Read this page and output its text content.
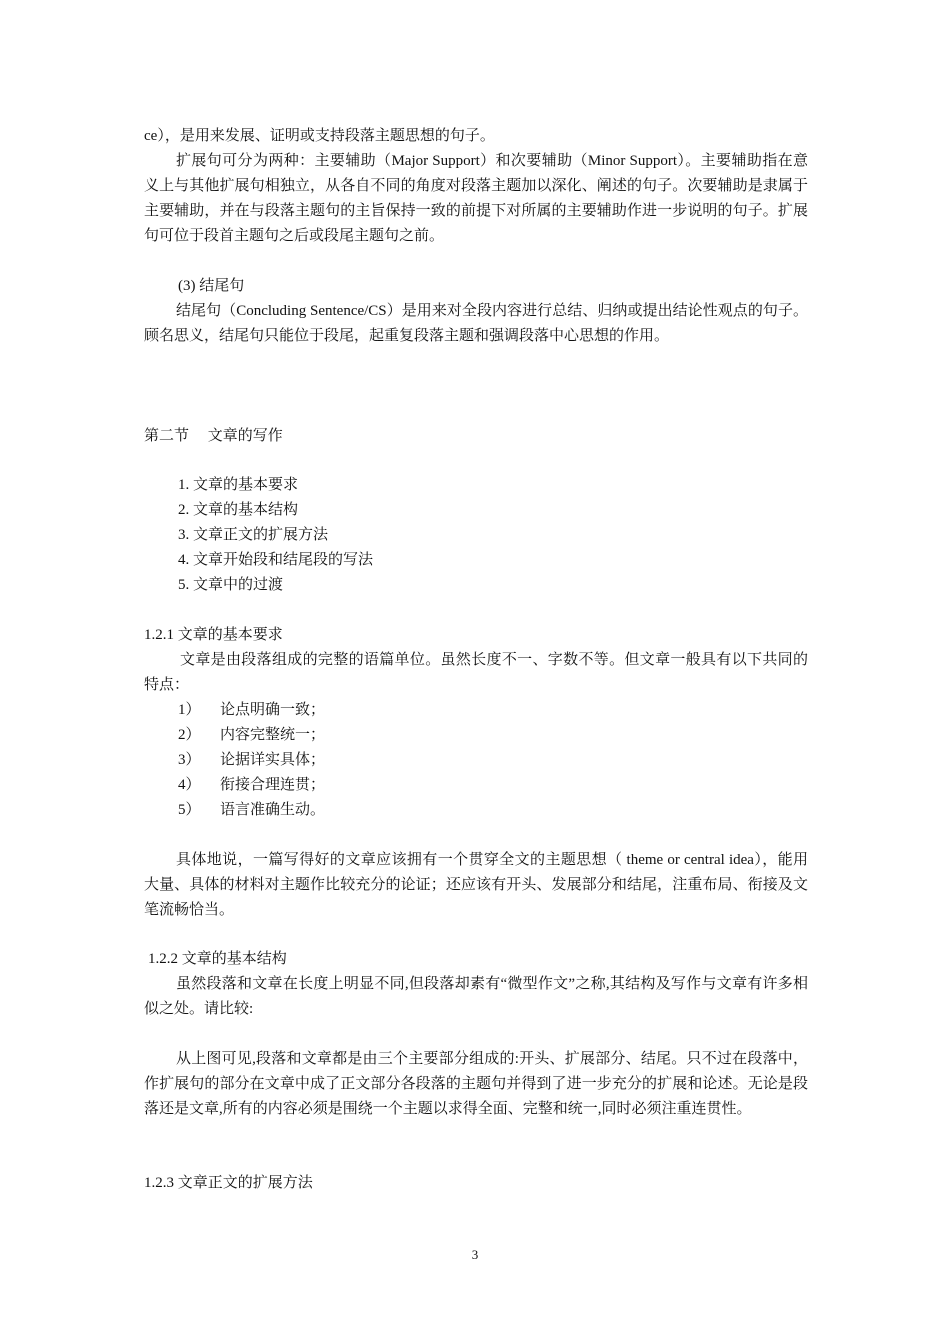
ce），是用来发展、证明或支持段落主题思想的句子。

扩展句可分为两种：主要辅助（Major Support）和次要辅助（Minor Support）。主要辅助指在意义上与其他扩展句相独立，从各自不同的角度对段落主题加以深化、阐述的句子。次要辅助是隶属于主要辅助，并在与段落主题句的主旨保持一致的前提下对所属的主要辅助作进一步说明的句子。扩展句可位于段首主题句之后或段尾主题句之前。

(3) 结尾句

结尾句（Concluding Sentence/CS）是用来对全段内容进行总结、归纳或提出结论性观点的句子。顾名思义，结尾句只能位于段尾，起重复段落主题和强调段落中心思想的作用。

第二节　 文章的写作

1. 文章的基本要求
2. 文章的基本结构
3. 文章正文的扩展方法
4. 文章开始段和结尾段的写法
5. 文章中的过渡

1.2.1 文章的基本要求

文章是由段落组成的完整的语篇单位。虽然长度不一、字数不等。但文章一般具有以下共同的特点：

1） 论点明确一致；
2） 内容完整统一；
3） 论据详实具体；
4） 衔接合理连贯；
5） 语言准确生动。

具体地说，一篇写得好的文章应该拥有一个贯穿全文的主题思想（ theme or central idea），能用大量、具体的材料对主题作比较充分的论证；还应该有开头、发展部分和结尾，注重布局、衔接及文笔流畅恰当。

1.2.2 文章的基本结构

虽然段落和文章在长度上明显不同,但段落却素有“微型作文”之称,其结构及写作与文章有许多相似之处。请比较:

从上图可见,段落和文章都是由三个主要部分组成的:开头、扩展部分、结尾。只不过在段落中，作扩展句的部分在文章中成了正文部分各段落的主题句并得到了进一步充分的扩展和论述。无论是段落还是文章,所有的内容必须是围绕一个主题以求得全面、完整和统一,同时必须注重连贯性。

1.2.3 文章正文的扩展方法

3
